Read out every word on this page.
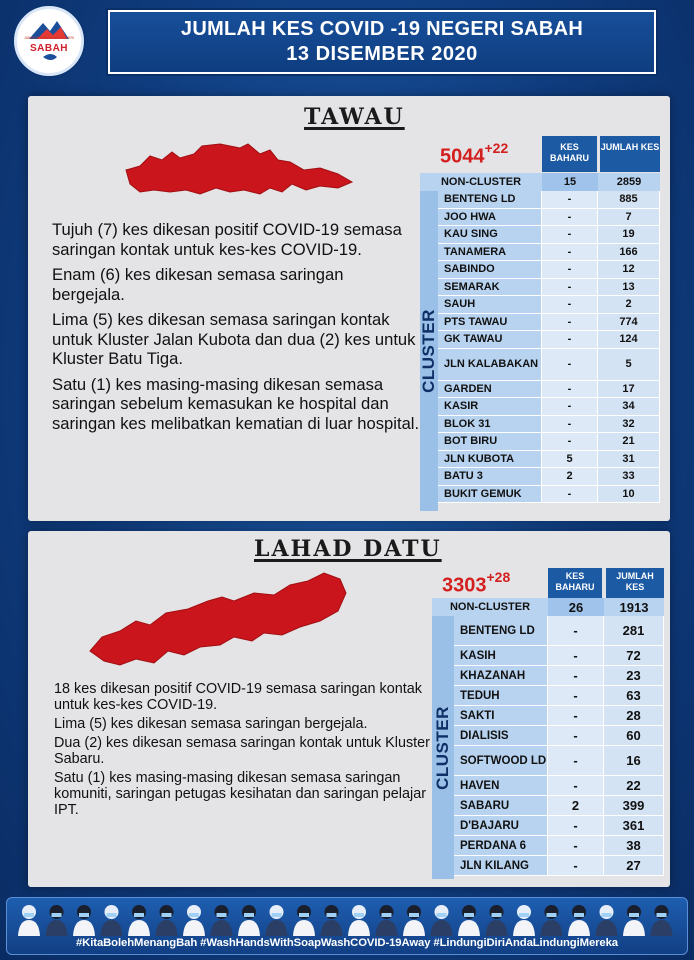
JABATAN KESIHATAN NEGERI
SABAH
JUMLAH KES COVID -19 NEGERI SABAH
13 DISEMBER 2020
TAWAU
$5044^{+22}$	KES BAHARU
JUMLAH KES
NON-CLUSTER	15	2859
CLUSTER
BENTENG LD	-	885
JOO HWA	-	7
KAU SING	-	19
TANAMERA	-	166
SABINDO	-	12
SEMARAK	-	13
SAUH	-	2
PTS TAWAU	-	774
GK TAWAU	-	124
JLN KALABAKAN	-	5
GARDEN	-	17
KASIR	-	34
BLOK 31	-	32
BOT BIRU	-	21
JLN KUBOTA	5	31
BATU 3	2	33
BUKIT GEMUK	-	10

Tujuh (7) kes dikesan positif COVID-19 semasa saringan kontak untuk kes-kes COVID-19.

Enam (6) kes dikesan semasa saringan bergejala.

Lima (5) kes dikesan semasa saringan kontak untuk Kluster Jalan Kubota dan dua (2) kes untuk Kluster Batu Tiga.

Satu (1) kes masing-masing dikesan semasa saringan sebelum kemasukan ke hospital dan saringan kes melibatkan kematian di luar hospital.

LAHAD DATU
$3303^{+28}$	KES BAHARU
JUMLAH KES
NON-CLUSTER	26	1913
CLUSTER
BENTENG LD	-	281
KASIH	-	72
KHAZANAH	-	23
TEDUH	-	63
SAKTI	-	28
DIALISIS	-	60
SOFTWOOD LD	-	16
HAVEN	-	22
SABARU	2	399
D'BAJARU	-	361
PERDANA 6	-	38
JLN KILANG	-	27

18 kes dikesan positif COVID-19 semasa saringan kontak untuk kes-kes COVID-19.

Lima (5) kes dikesan semasa saringan bergejala.

Dua (2) kes dikesan semasa saringan kontak untuk Kluster Sabaru.

Satu (1) kes masing-masing dikesan semasa saringan komuniti, saringan petugas kesihatan dan saringan pelajar IPT.

#KitaBolehMenangBah #WashHandsWithSoapWashCOVID-19Away #LindungiDiriAndaLindungiMereka
